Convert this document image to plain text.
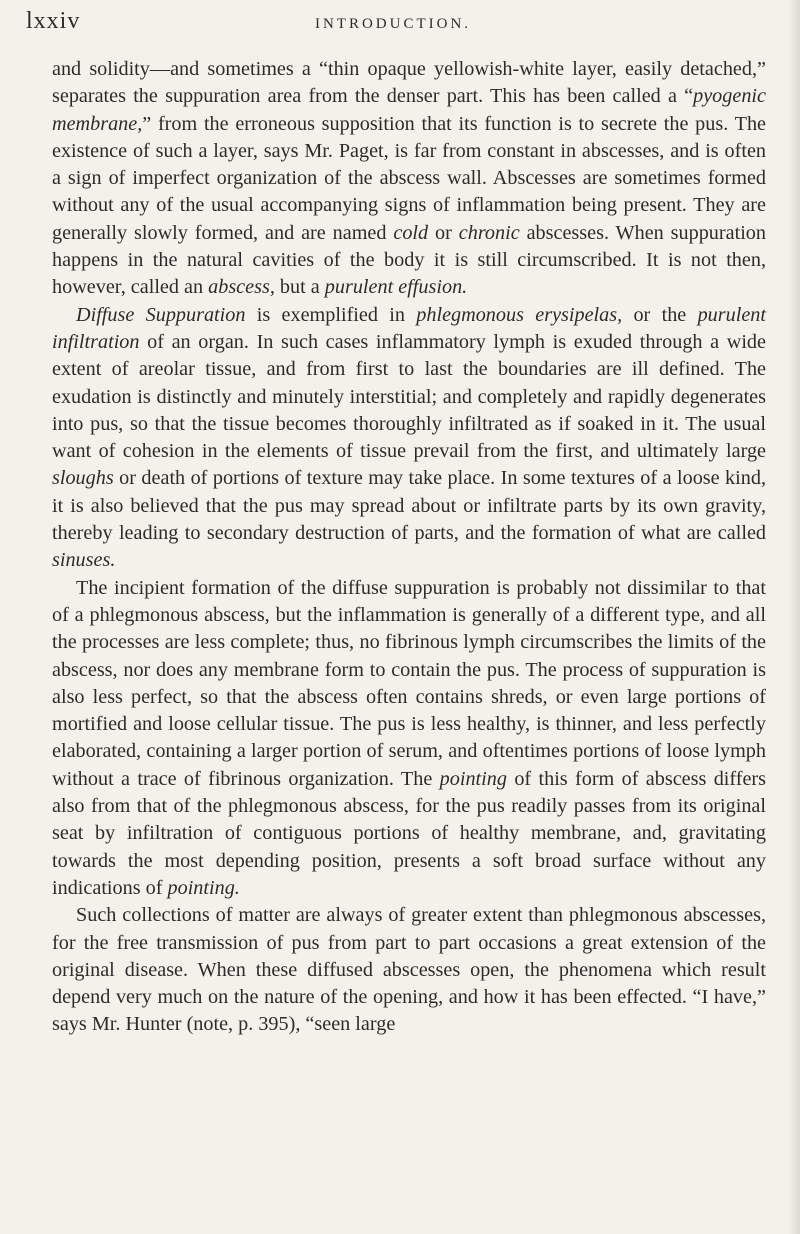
lxxiv	INTRODUCTION.

and solidity—and sometimes a “thin opaque yellowish-white layer, easily detached,” separates the suppuration area from the denser part. This has been called a “pyogenic membrane,” from the erroneous supposition that its function is to secrete the pus. The existence of such a layer, says Mr. Paget, is far from constant in abscesses, and is often a sign of imperfect organization of the abscess wall. Abscesses are sometimes formed without any of the usual accompanying signs of inflammation being present. They are generally slowly formed, and are named cold or chronic abscesses. When suppuration happens in the natural cavities of the body it is still circumscribed. It is not then, however, called an abscess, but a purulent effusion.

Diffuse Suppuration is exemplified in phlegmonous erysipelas, or the purulent infiltration of an organ. In such cases inflammatory lymph is exuded through a wide extent of areolar tissue, and from first to last the boundaries are ill defined. The exudation is distinctly and minutely interstitial; and completely and rapidly degenerates into pus, so that the tissue becomes thoroughly infiltrated as if soaked in it. The usual want of cohesion in the elements of tissue prevail from the first, and ultimately large sloughs or death of portions of texture may take place. In some textures of a loose kind, it is also believed that the pus may spread about or infiltrate parts by its own gravity, thereby leading to secondary destruction of parts, and the formation of what are called sinuses.

The incipient formation of the diffuse suppuration is probably not dissimilar to that of a phlegmonous abscess, but the inflammation is generally of a different type, and all the processes are less complete; thus, no fibrinous lymph circumscribes the limits of the abscess, nor does any membrane form to contain the pus. The process of suppuration is also less perfect, so that the abscess often contains shreds, or even large portions of mortified and loose cellular tissue. The pus is less healthy, is thinner, and less perfectly elaborated, containing a larger portion of serum, and oftentimes portions of loose lymph without a trace of fibrinous organization. The pointing of this form of abscess differs also from that of the phlegmonous abscess, for the pus readily passes from its original seat by infiltration of contiguous portions of healthy membrane, and, gravitating towards the most depending position, presents a soft broad surface without any indications of pointing.

Such collections of matter are always of greater extent than phlegmonous abscesses, for the free transmission of pus from part to part occasions a great extension of the original disease. When these diffused abscesses open, the phenomena which result depend very much on the nature of the opening, and how it has been effected. “I have,” says Mr. Hunter (note, p. 395), “seen large
